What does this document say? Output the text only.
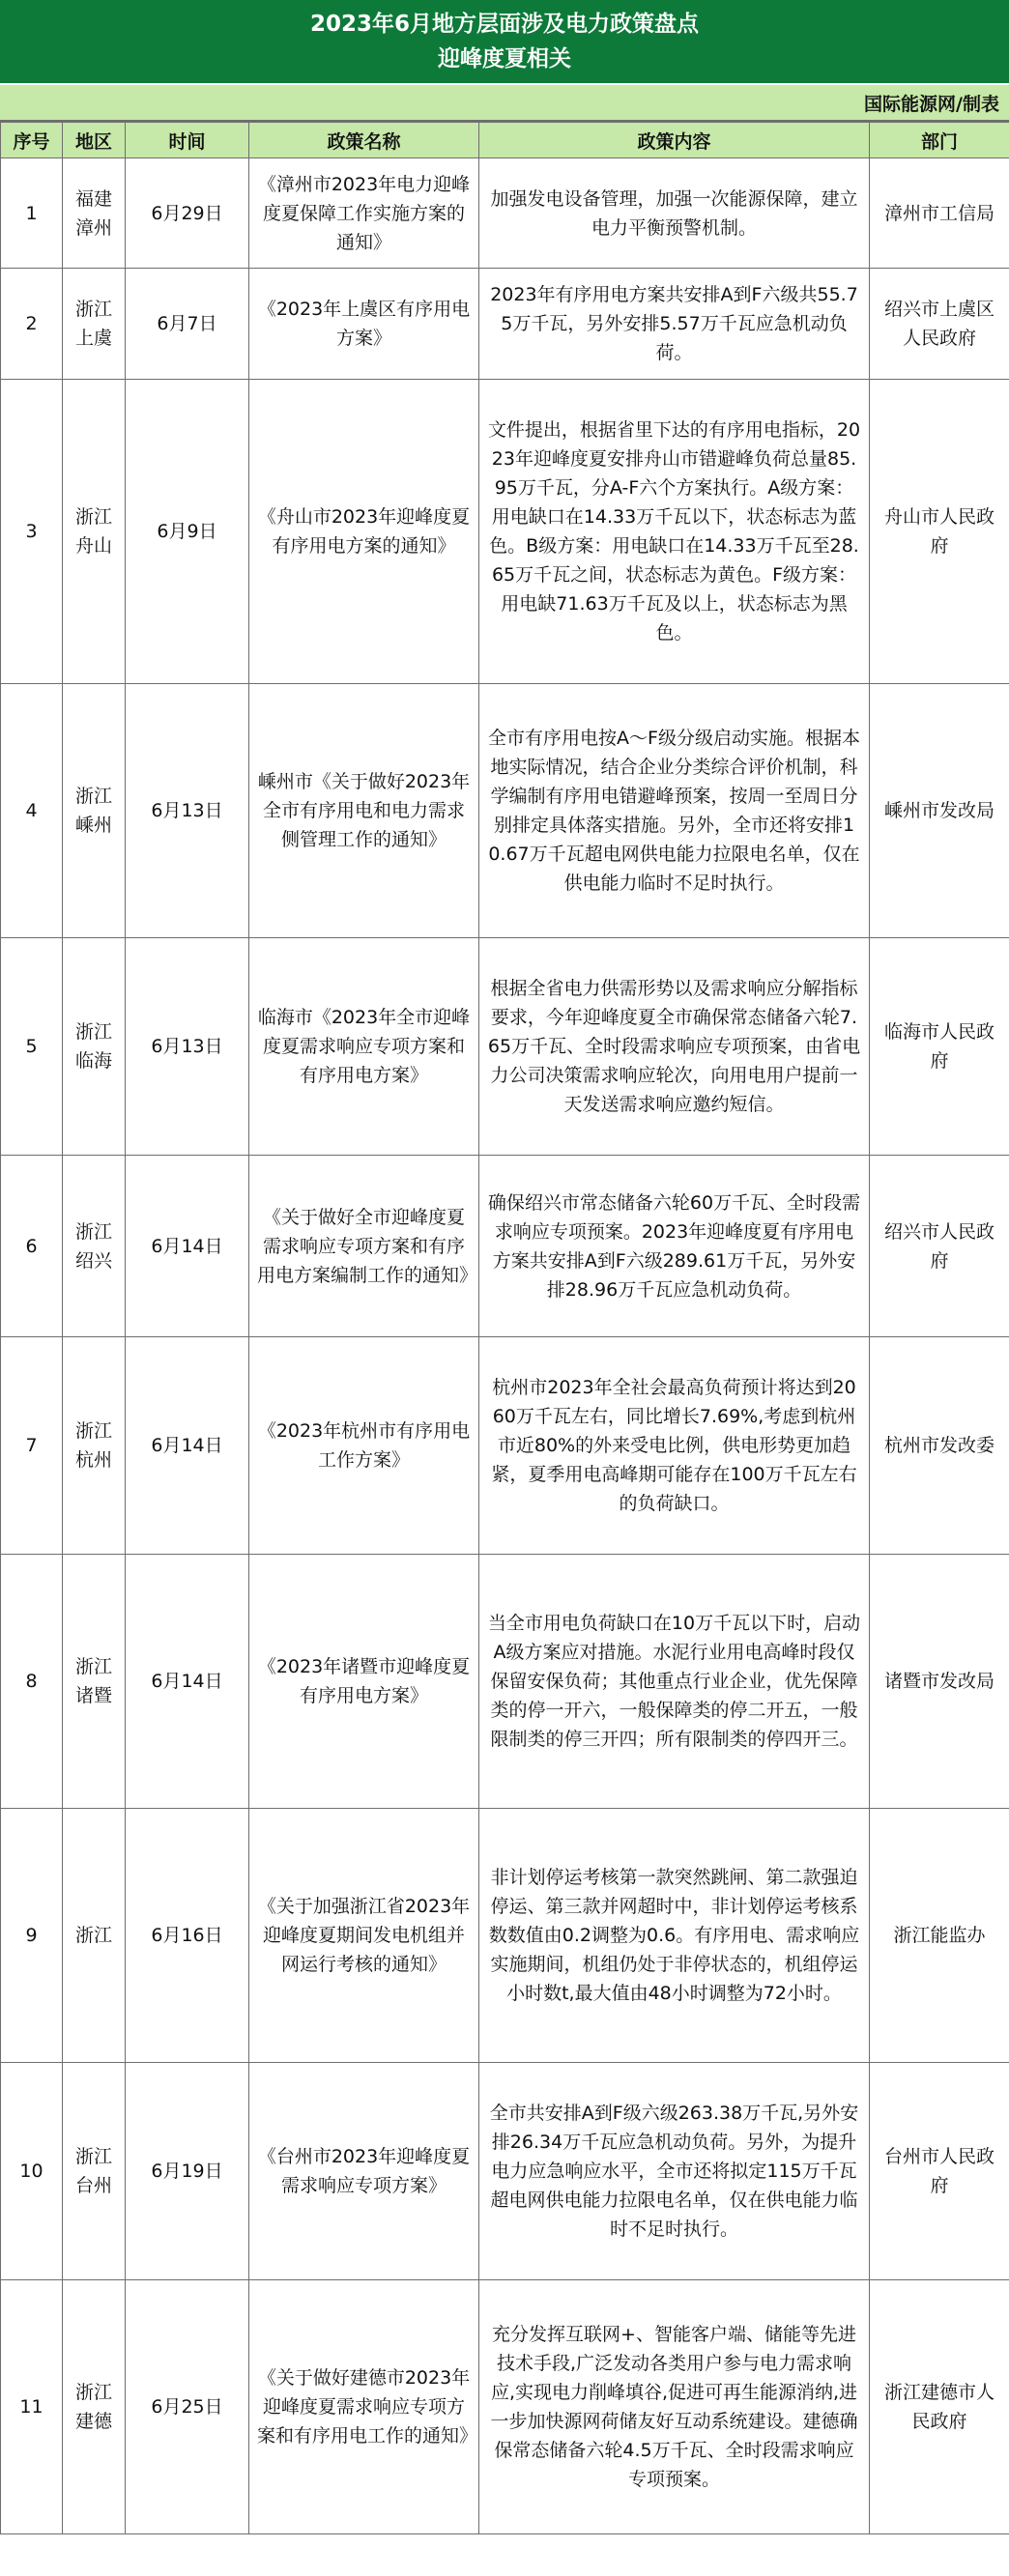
2023年6月地方层面涉及电力政策盘点
迎峰度夏相关
国际能源网/制表
序号	地区	时间	政策名称	政策内容	部门
1	福建漳州	6月29日	《漳州市2023年电力迎峰度夏保障工作实施方案的通知》	加强发电设备管理，加强一次能源保障，建立电力平衡预警机制。	漳州市工信局
2	浙江上虞	6月7日	《2023年上虞区有序用电方案》	2023年有序用电方案共安排A到F六级共55.75万千瓦，另外安排5.57万千瓦应急机动负荷。	绍兴市上虞区人民政府
3	浙江舟山	6月9日	《舟山市2023年迎峰度夏有序用电方案的通知》	文件提出，根据省里下达的有序用电指标，2023年迎峰度夏安排舟山市错避峰负荷总量85.95万千瓦，分A-F六个方案执行。A级方案：用电缺口在14.33万千瓦以下，状态标志为蓝色。B级方案：用电缺口在14.33万千瓦至28.65万千瓦之间，状态标志为黄色。F级方案：用电缺71.63万千瓦及以上，状态标志为黑色。	舟山市人民政府
4	浙江嵊州	6月13日	嵊州市《关于做好2023年全市有序用电和电力需求侧管理工作的通知》	全市有序用电按A～F级分级启动实施。根据本地实际情况，结合企业分类综合评价机制，科学编制有序用电错避峰预案，按周一至周日分别排定具体落实措施。另外，全市还将安排10.67万千瓦超电网供电能力拉限电名单，仅在供电能力临时不足时执行。	嵊州市发改局
5	浙江临海	6月13日	临海市《2023年全市迎峰度夏需求响应专项方案和有序用电方案》	根据全省电力供需形势以及需求响应分解指标要求，今年迎峰度夏全市确保常态储备六轮7.65万千瓦、全时段需求响应专项预案，由省电力公司决策需求响应轮次，向用电用户提前一天发送需求响应邀约短信。	临海市人民政府
6	浙江绍兴	6月14日	《关于做好全市迎峰度夏需求响应专项方案和有序用电方案编制工作的通知》	确保绍兴市常态储备六轮60万千瓦、全时段需求响应专项预案。2023年迎峰度夏有序用电方案共安排A到F六级289.61万千瓦，另外安排28.96万千瓦应急机动负荷。	绍兴市人民政府
7	浙江杭州	6月14日	《2023年杭州市有序用电工作方案》	杭州市2023年全社会最高负荷预计将达到2060万千瓦左右，同比增长7.69%,考虑到杭州市近80%的外来受电比例，供电形势更加趋紧，夏季用电高峰期可能存在100万千瓦左右的负荷缺口。	杭州市发改委
8	浙江诸暨	6月14日	《2023年诸暨市迎峰度夏有序用电方案》	当全市用电负荷缺口在10万千瓦以下时，启动A级方案应对措施。水泥行业用电高峰时段仅保留安保负荷；其他重点行业企业，优先保障类的停一开六，一般保障类的停二开五，一般限制类的停三开四；所有限制类的停四开三。	诸暨市发改局
9	浙江	6月16日	《关于加强浙江省2023年迎峰度夏期间发电机组并网运行考核的通知》	非计划停运考核第一款突然跳闸、第二款强迫停运、第三款并网超时中，非计划停运考核系数数值由0.2调整为0.6。有序用电、需求响应实施期间，机组仍处于非停状态的，机组停运小时数t,最大值由48小时调整为72小时。	浙江能监办
10	浙江台州	6月19日	《台州市2023年迎峰度夏需求响应专项方案》	全市共安排A到F级六级263.38万千瓦,另外安排26.34万千瓦应急机动负荷。另外，为提升电力应急响应水平，全市还将拟定115万千瓦超电网供电能力拉限电名单，仅在供电能力临时不足时执行。	台州市人民政府
11	浙江建德	6月25日	《关于做好建德市2023年迎峰度夏需求响应专项方案和有序用电工作的通知》	充分发挥互联网+、智能客户端、储能等先进技术手段,广泛发动各类用户参与电力需求响应,实现电力削峰填谷,促进可再生能源消纳,进一步加快源网荷储友好互动系统建设。建德确保常态储备六轮4.5万千瓦、全时段需求响应专项预案。	浙江建德市人民政府
